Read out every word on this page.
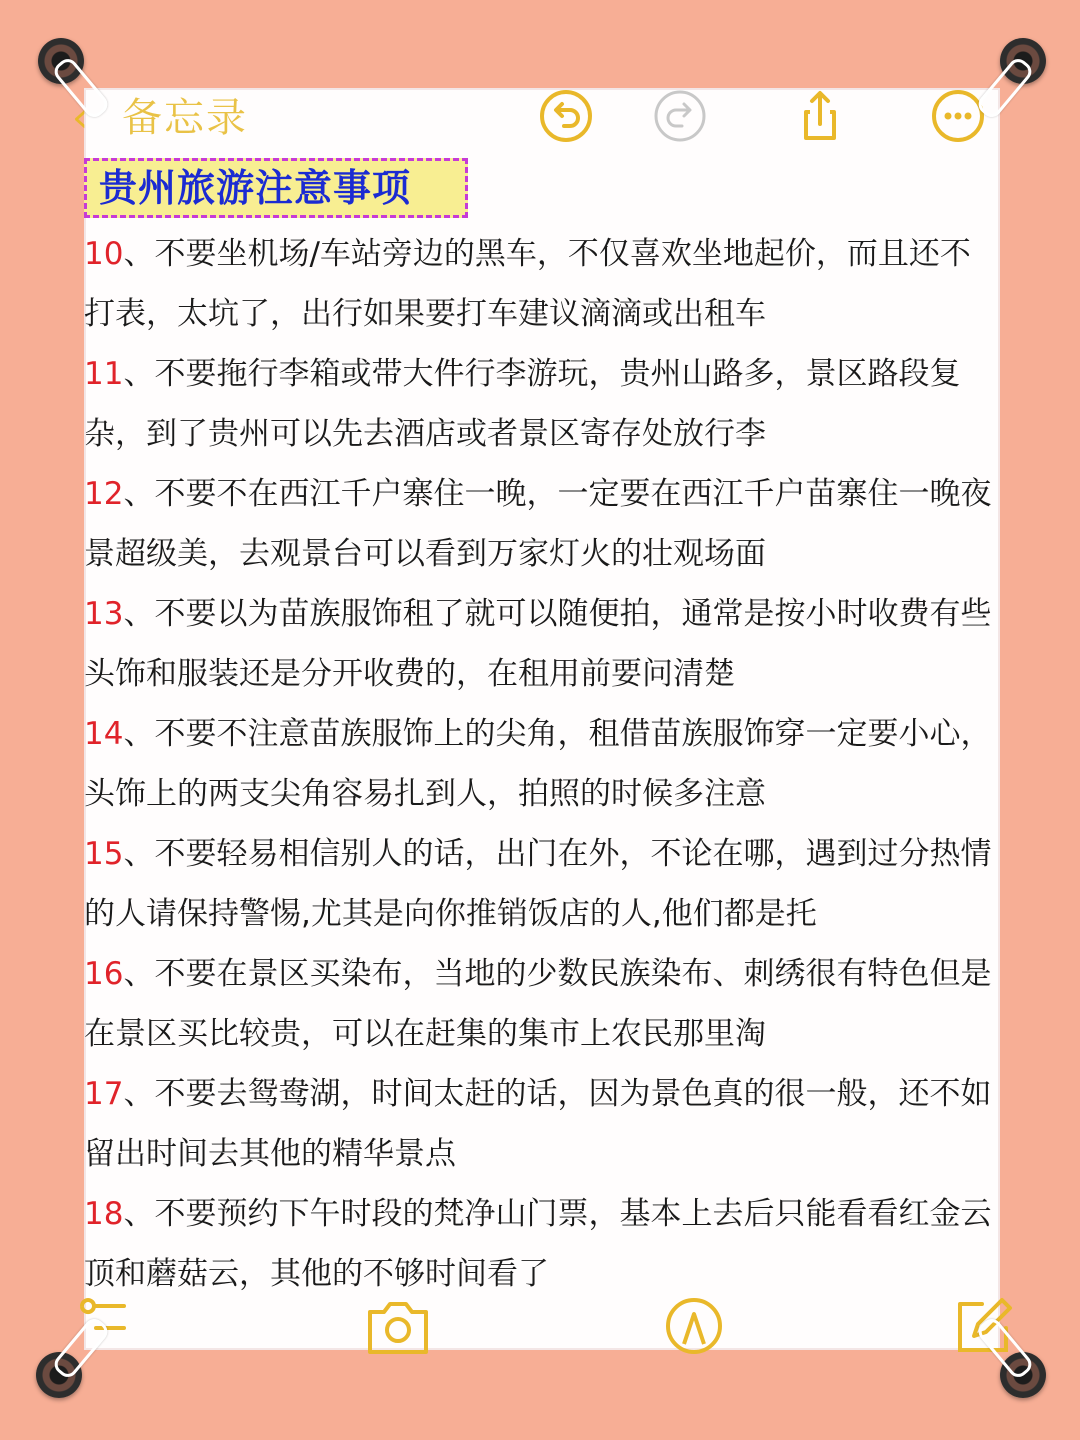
‹ 备忘录
贵州旅游注意事项

10、不要坐机场/车站旁边的黑车，不仅喜欢坐地起价，而且还不打表，太坑了，出行如果要打车建议滴滴或出租车

11、不要拖行李箱或带大件行李游玩，贵州山路多，景区路段复杂，到了贵州可以先去酒店或者景区寄存处放行李

12、不要不在西江千户寨住一晚，一定要在西江千户苗寨住一晚夜景超级美，去观景台可以看到万家灯火的壮观场面

13、不要以为苗族服饰租了就可以随便拍，通常是按小时收费有些头饰和服装还是分开收费的，在租用前要问清楚

14、不要不注意苗族服饰上的尖角，租借苗族服饰穿一定要小心，头饰上的两支尖角容易扎到人，拍照的时候多注意

15、不要轻易相信别人的话，出门在外，不论在哪，遇到过分热情的人请保持警惕,尤其是向你推销饭店的人,他们都是托

16、不要在景区买染布，当地的少数民族染布、刺绣很有特色但是在景区买比较贵，可以在赶集的集市上农民那里淘

17、不要去鸳鸯湖，时间太赶的话，因为景色真的很一般，还不如留出时间去其他的精华景点

18、不要预约下午时段的梵净山门票，基本上去后只能看看红金云顶和蘑菇云，其他的不够时间看了
